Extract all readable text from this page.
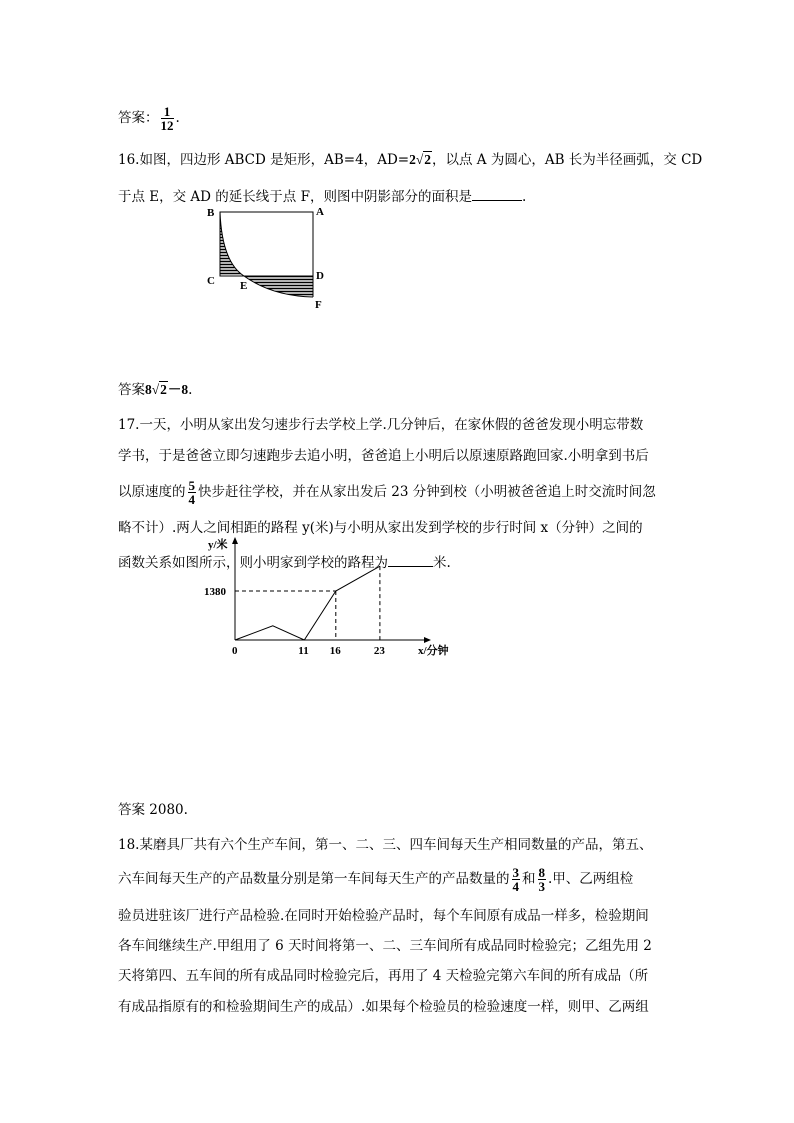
答案： $\frac{1}{12}$ .
16.如图，四边形 ABCD 是矩形，AB=4，AD=2√2，以点 A 为圆心，AB 长为半径画弧，交 CD
于点 E，交 AD 的延长线于点 F，则图中阴影部分的面积是	.
B	A
C E
D
F
答案8√2－8.
17.一天，小明从家出发匀速步行去学校上学.几分钟后，在家休假的爸爸发现小明忘带数
学书，于是爸爸立即匀速跑步去追小明，爸爸追上小明后以原速原路跑回家.小明拿到书后
以原速度的 $\frac{5}{4}$ 快步赶往学校，并在从家出发后 23 分钟到校（小明被爸爸追上时交流时间忽
略不计）.两人之间相距的路程 y(米)与小明从家出发到学校的步行时间 x（分钟）之间的
函数关系如图所示，则小明家到学校的路程为	米.
y/米
x/分钟
0	11 16	23
1380
答案 2080.
18.某磨具厂共有六个生产车间，第一、二、三、四车间每天生产相同数量的产品，第五、
六车间每天生产的产品数量分别是第一车间每天生产的产品数量的 $\frac{3}{4}$ 和 $\frac{8}{3}$ .甲、乙两组检
验员进驻该厂进行产品检验.在同时开始检验产品时，每个车间原有成品一样多，检验期间
各车间继续生产.甲组用了 6 天时间将第一、二、三车间所有成品同时检验完；乙组先用 2
天将第四、五车间的所有成品同时检验完后，再用了 4 天检验完第六车间的所有成品（所
有成品指原有的和检验期间生产的成品）.如果每个检验员的检验速度一样，则甲、乙两组
